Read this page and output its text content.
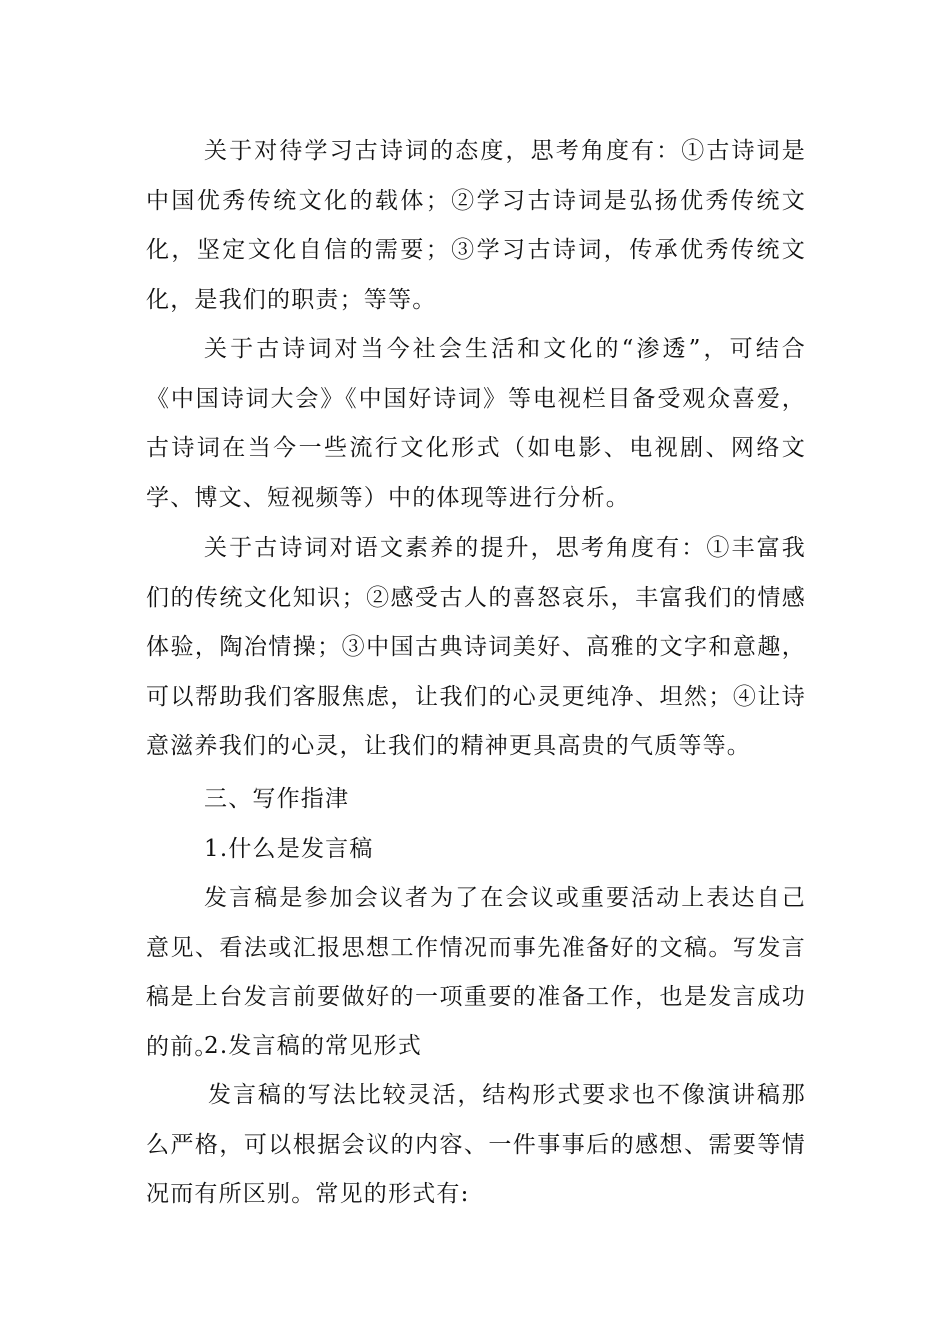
关于对待学习古诗词的态度，思考角度有：①古诗词是中国优秀传统文化的载体；②学习古诗词是弘扬优秀传统文化，坚定文化自信的需要；③学习古诗词，传承优秀传统文化，是我们的职责；等等。

关于古诗词对当今社会生活和文化的“渗透”，可结合《中国诗词大会》《中国好诗词》等电视栏目备受观众喜爱，古诗词在当今一些流行文化形式（如电影、电视剧、网络文学、博文、短视频等）中的体现等进行分析。

关于古诗词对语文素养的提升，思考角度有：①丰富我们的传统文化知识；②感受古人的喜怒哀乐，丰富我们的情感体验，陶冶情操；③中国古典诗词美好、高雅的文字和意趣，可以帮助我们客服焦虑，让我们的心灵更纯净、坦然；④让诗意滋养我们的心灵，让我们的精神更具高贵的气质等等。

三、写作指津

1.什么是发言稿

发言稿是参加会议者为了在会议或重要活动上表达自己意见、看法或汇报思想工作情况而事先准备好的文稿。写发言稿是上台发言前要做好的一项重要的准备工作，也是发言成功的前。

2.发言稿的常见形式

发言稿的写法比较灵活，结构形式要求也不像演讲稿那么严格，可以根据会议的内容、一件事事后的感想、需要等情况而有所区别。常见的形式有:
